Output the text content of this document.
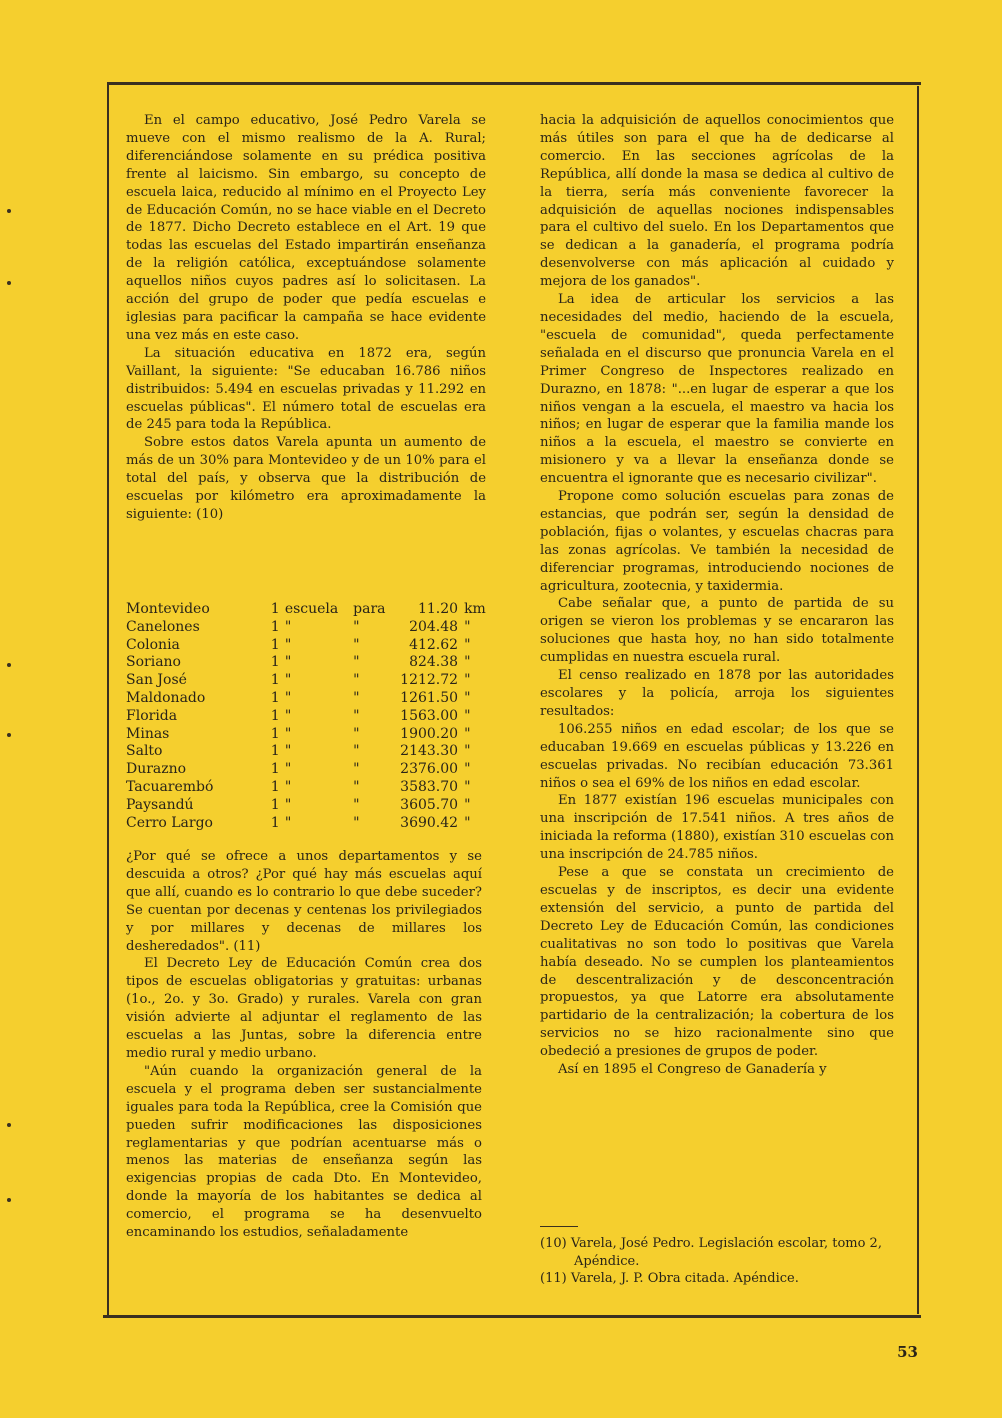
En el campo educativo, José Pedro Varela se mueve con el mismo realismo de la A. Rural; diferenciándose solamente en su prédica positiva frente al laicismo. Sin embargo, su concepto de escuela laica, reducido al mínimo en el Proyecto Ley de Educación Común, no se hace viable en el Decreto de 1877. Dicho Decreto establece en el Art. 19 que todas las escuelas del Estado impartirán enseñanza de la religión católica, exceptuándose solamente aquellos niños cuyos padres así lo solicitasen. La acción del grupo de poder que pedía escuelas e iglesias para pacificar la campaña se hace evidente una vez más en este caso.

La situación educativa en 1872 era, según Vaillant, la siguiente: "Se educaban 16.786 niños distribuidos: 5.494 en escuelas privadas y 11.292 en escuelas públicas". El número total de escuelas era de 245 para toda la República.

Sobre estos datos Varela apunta un aumento de más de un 30% para Montevideo y de un 10% para el total del país, y observa que la distribución de escuelas por kilómetro era aproximadamente la siguiente: (10)

Montevideo	1	escuela	para	11.20	km
Canelones	1	"	"	204.48	"
Colonia	1	"	"	412.62	"
Soriano	1	"	"	824.38	"
San José	1	"	"	1212.72	"
Maldonado	1	"	"	1261.50	"
Florida	1	"	"	1563.00	"
Minas	1	"	"	1900.20	"
Salto	1	"	"	2143.30	"
Durazno	1	"	"	2376.00	"
Tacuarembó	1	"	"	3583.70	"
Paysandú	1	"	"	3605.70	"
Cerro Largo	1	"	"	3690.42	"

¿Por qué se ofrece a unos departamentos y se descuida a otros? ¿Por qué hay más escuelas aquí que allí, cuando es lo contrario lo que debe suceder? Se cuentan por decenas y centenas los privilegiados y por millares y decenas de millares los desheredados". (11)

El Decreto Ley de Educación Común crea dos tipos de escuelas obligatorias y gratuitas: urbanas (1o., 2o. y 3o. Grado) y rurales. Varela con gran visión advierte al adjuntar el reglamento de las escuelas a las Juntas, sobre la diferencia entre medio rural y medio urbano.

"Aún cuando la organización general de la escuela y el programa deben ser sustancialmente iguales para toda la República, cree la Comisión que pueden sufrir modificaciones las disposiciones reglamentarias y que podrían acentuarse más o menos las materias de enseñanza según las exigencias propias de cada Dto. En Montevideo, donde la mayoría de los habitantes se dedica al comercio, el programa se ha desenvuelto encaminando los estudios, señaladamente

hacia la adquisición de aquellos conocimientos que más útiles son para el que ha de dedicarse al comercio. En las secciones agrícolas de la República, allí donde la masa se dedica al cultivo de la tierra, sería más conveniente favorecer la adquisición de aquellas nociones indispensables para el cultivo del suelo. En los Departamentos que se dedican a la ganadería, el programa podría desenvolverse con más aplicación al cuidado y mejora de los ganados".

La idea de articular los servicios a las necesidades del medio, haciendo de la escuela, "escuela de comunidad", queda perfectamente señalada en el discurso que pronuncia Varela en el Primer Congreso de Inspectores realizado en Durazno, en 1878: "...en lugar de esperar a que los niños vengan a la escuela, el maestro va hacia los niños; en lugar de esperar que la familia mande los niños a la escuela, el maestro se convierte en misionero y va a llevar la enseñanza donde se encuentra el ignorante que es necesario civilizar".

Propone como solución escuelas para zonas de estancias, que podrán ser, según la densidad de población, fijas o volantes, y escuelas chacras para las zonas agrícolas. Ve también la necesidad de diferenciar programas, introduciendo nociones de agricultura, zootecnia, y taxidermia.

Cabe señalar que, a punto de partida de su origen se vieron los problemas y se encararon las soluciones que hasta hoy, no han sido totalmente cumplidas en nuestra escuela rural.

El censo realizado en 1878 por las autoridades escolares y la policía, arroja los siguientes resultados:

106.255 niños en edad escolar; de los que se educaban 19.669 en escuelas públicas y 13.226 en escuelas privadas. No recibían educación 73.361 niños o sea el 69% de los niños en edad escolar.

En 1877 existían 196 escuelas municipales con una inscripción de 17.541 niños. A tres años de iniciada la reforma (1880), existían 310 escuelas con una inscripción de 24.785 niños.

Pese a que se constata un crecimiento de escuelas y de inscriptos, es decir una evidente extensión del servicio, a punto de partida del Decreto Ley de Educación Común, las condiciones cualitativas no son todo lo positivas que Varela había deseado. No se cumplen los planteamientos de descentralización y de desconcentración propuestos, ya que Latorre era absolutamente partidario de la centralización; la cobertura de los servicios no se hizo racionalmente sino que obedeció a presiones de grupos de poder.

Así en 1895 el Congreso de Ganadería y

(10) Varela, José Pedro. Legislación escolar, tomo 2, Apéndice.

(11) Varela, J. P. Obra citada. Apéndice.

53
